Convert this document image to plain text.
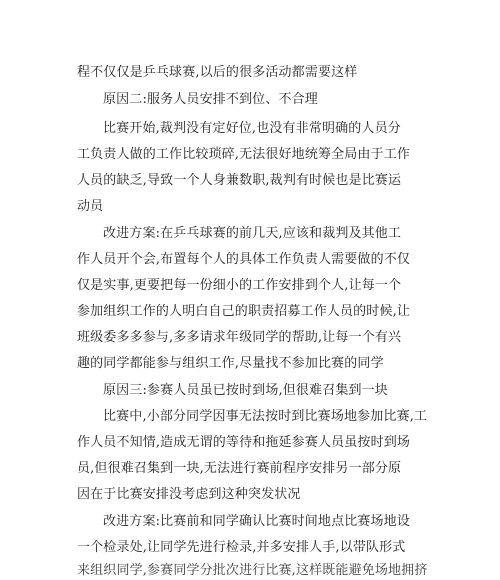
程不仅仅是乒乓球赛,以后的很多活动都需要这样
原因二:服务人员安排不到位、不合理
比赛开始,裁判没有定好位,也没有非常明确的人员分
工负责人做的工作比较琐碎,无法很好地统筹全局由于工作
人员的缺乏,导致一个人身兼数职,裁判有时候也是比赛运
动员
改进方案:在乒乓球赛的前几天,应该和裁判及其他工
作人员开个会,布置每个人的具体工作负责人需要做的不仅
仅是实事,更要把每一份细小的工作安排到个人,让每一个
参加组织工作的人明白自己的职责招募工作人员的时候,让
班级委多多参与,多多请求年级同学的帮助,让每一个有兴
趣的同学都能参与组织工作,尽量找不参加比赛的同学
原因三:参赛人员虽已按时到场,但很难召集到一块
比赛中,小部分同学因事无法按时到比赛场地参加比赛,工
作人员不知情,造成无谓的等待和拖延参赛人员虽按时到场
员,但很难召集到一块,无法进行赛前程序安排另一部分原
因在于比赛安排没考虑到这种突发状况
改进方案:比赛前和同学确认比赛时间地点比赛场地设
一个检录处,让同学先进行检录,并多安排人手,以带队形式
来组织同学,参赛同学分批次进行比赛,这样既能避免场地拥挤
